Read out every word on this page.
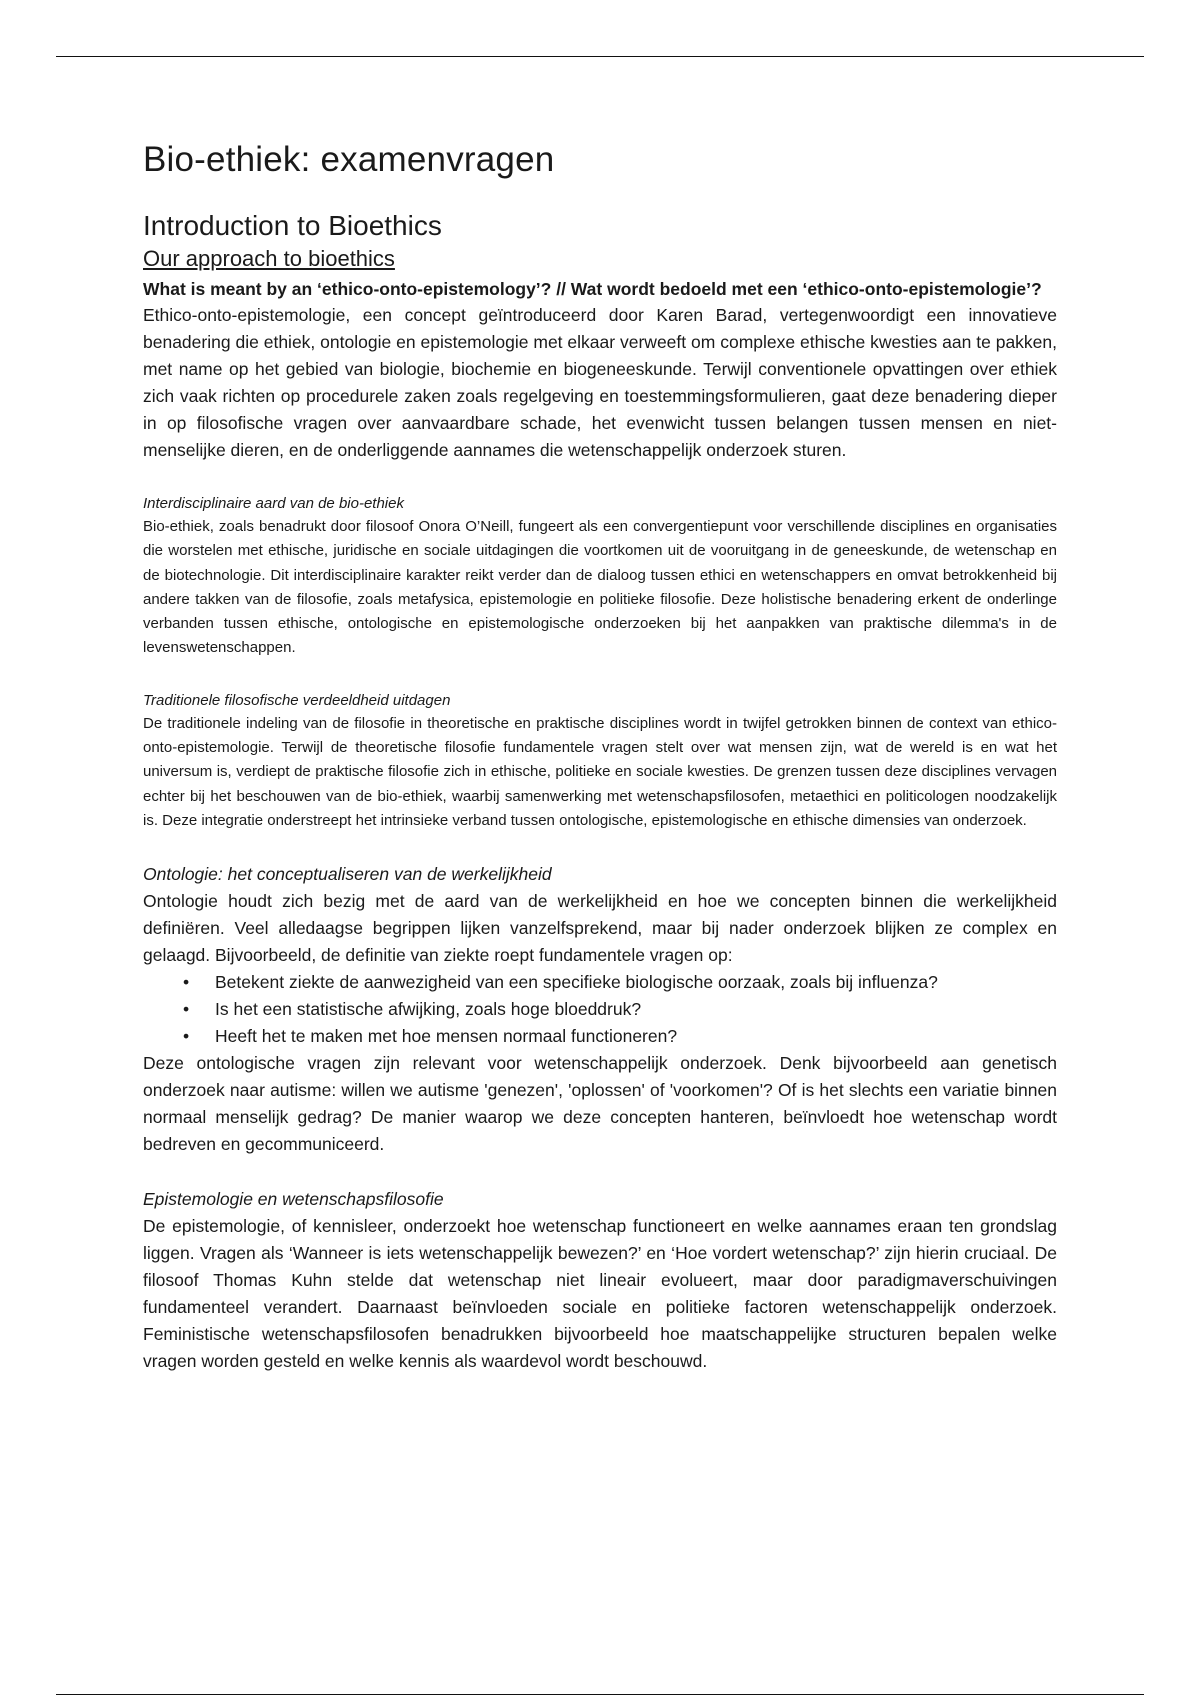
Bio-ethiek: examenvragen
Introduction to Bioethics
Our approach to bioethics

What is meant by an ‘ethico-onto-epistemology’? // Wat wordt bedoeld met een ‘ethico-onto-epistemologie’?

Ethico-onto-epistemologie, een concept geïntroduceerd door Karen Barad, vertegenwoordigt een innovatieve benadering die ethiek, ontologie en epistemologie met elkaar verweeft om complexe ethische kwesties aan te pakken, met name op het gebied van biologie, biochemie en biogeneeskunde. Terwijl conventionele opvattingen over ethiek zich vaak richten op procedurele zaken zoals regelgeving en toestemmingsformulieren, gaat deze benadering dieper in op filosofische vragen over aanvaardbare schade, het evenwicht tussen belangen tussen mensen en niet-menselijke dieren, en de onderliggende aannames die wetenschappelijk onderzoek sturen.

Interdisciplinaire aard van de bio-ethiek

Bio-ethiek, zoals benadrukt door filosoof Onora O’Neill, fungeert als een convergentiepunt voor verschillende disciplines en organisaties die worstelen met ethische, juridische en sociale uitdagingen die voortkomen uit de vooruitgang in de geneeskunde, de wetenschap en de biotechnologie. Dit interdisciplinaire karakter reikt verder dan de dialoog tussen ethici en wetenschappers en omvat betrokkenheid bij andere takken van de filosofie, zoals metafysica, epistemologie en politieke filosofie. Deze holistische benadering erkent de onderlinge verbanden tussen ethische, ontologische en epistemologische onderzoeken bij het aanpakken van praktische dilemma's in de levenswetenschappen.

Traditionele filosofische verdeeldheid uitdagen

De traditionele indeling van de filosofie in theoretische en praktische disciplines wordt in twijfel getrokken binnen de context van ethico-onto-epistemologie. Terwijl de theoretische filosofie fundamentele vragen stelt over wat mensen zijn, wat de wereld is en wat het universum is, verdiept de praktische filosofie zich in ethische, politieke en sociale kwesties. De grenzen tussen deze disciplines vervagen echter bij het beschouwen van de bio-ethiek, waarbij samenwerking met wetenschapsfilosofen, metaethici en politicologen noodzakelijk is. Deze integratie onderstreept het intrinsieke verband tussen ontologische, epistemologische en ethische dimensies van onderzoek.

Ontologie: het conceptualiseren van de werkelijkheid

Ontologie houdt zich bezig met de aard van de werkelijkheid en hoe we concepten binnen die werkelijkheid definiëren. Veel alledaagse begrippen lijken vanzelfsprekend, maar bij nader onderzoek blijken ze complex en gelaagd. Bijvoorbeeld, de definitie van ziekte roept fundamentele vragen op:

• Betekent ziekte de aanwezigheid van een specifieke biologische oorzaak, zoals bij influenza?
• Is het een statistische afwijking, zoals hoge bloeddruk?
• Heeft het te maken met hoe mensen normaal functioneren?

Deze ontologische vragen zijn relevant voor wetenschappelijk onderzoek. Denk bijvoorbeeld aan genetisch onderzoek naar autisme: willen we autisme 'genezen', 'oplossen' of 'voorkomen'? Of is het slechts een variatie binnen normaal menselijk gedrag? De manier waarop we deze concepten hanteren, beïnvloedt hoe wetenschap wordt bedreven en gecommuniceerd.

Epistemologie en wetenschapsfilosofie

De epistemologie, of kennisleer, onderzoekt hoe wetenschap functioneert en welke aannames eraan ten grondslag liggen. Vragen als ‘Wanneer is iets wetenschappelijk bewezen?’ en ‘Hoe vordert wetenschap?’ zijn hierin cruciaal. De filosoof Thomas Kuhn stelde dat wetenschap niet lineair evolueert, maar door paradigmaverschuivingen fundamenteel verandert. Daarnaast beïnvloeden sociale en politieke factoren wetenschappelijk onderzoek. Feministische wetenschapsfilosofen benadrukken bijvoorbeeld hoe maatschappelijke structuren bepalen welke vragen worden gesteld en welke kennis als waardevol wordt beschouwd.
